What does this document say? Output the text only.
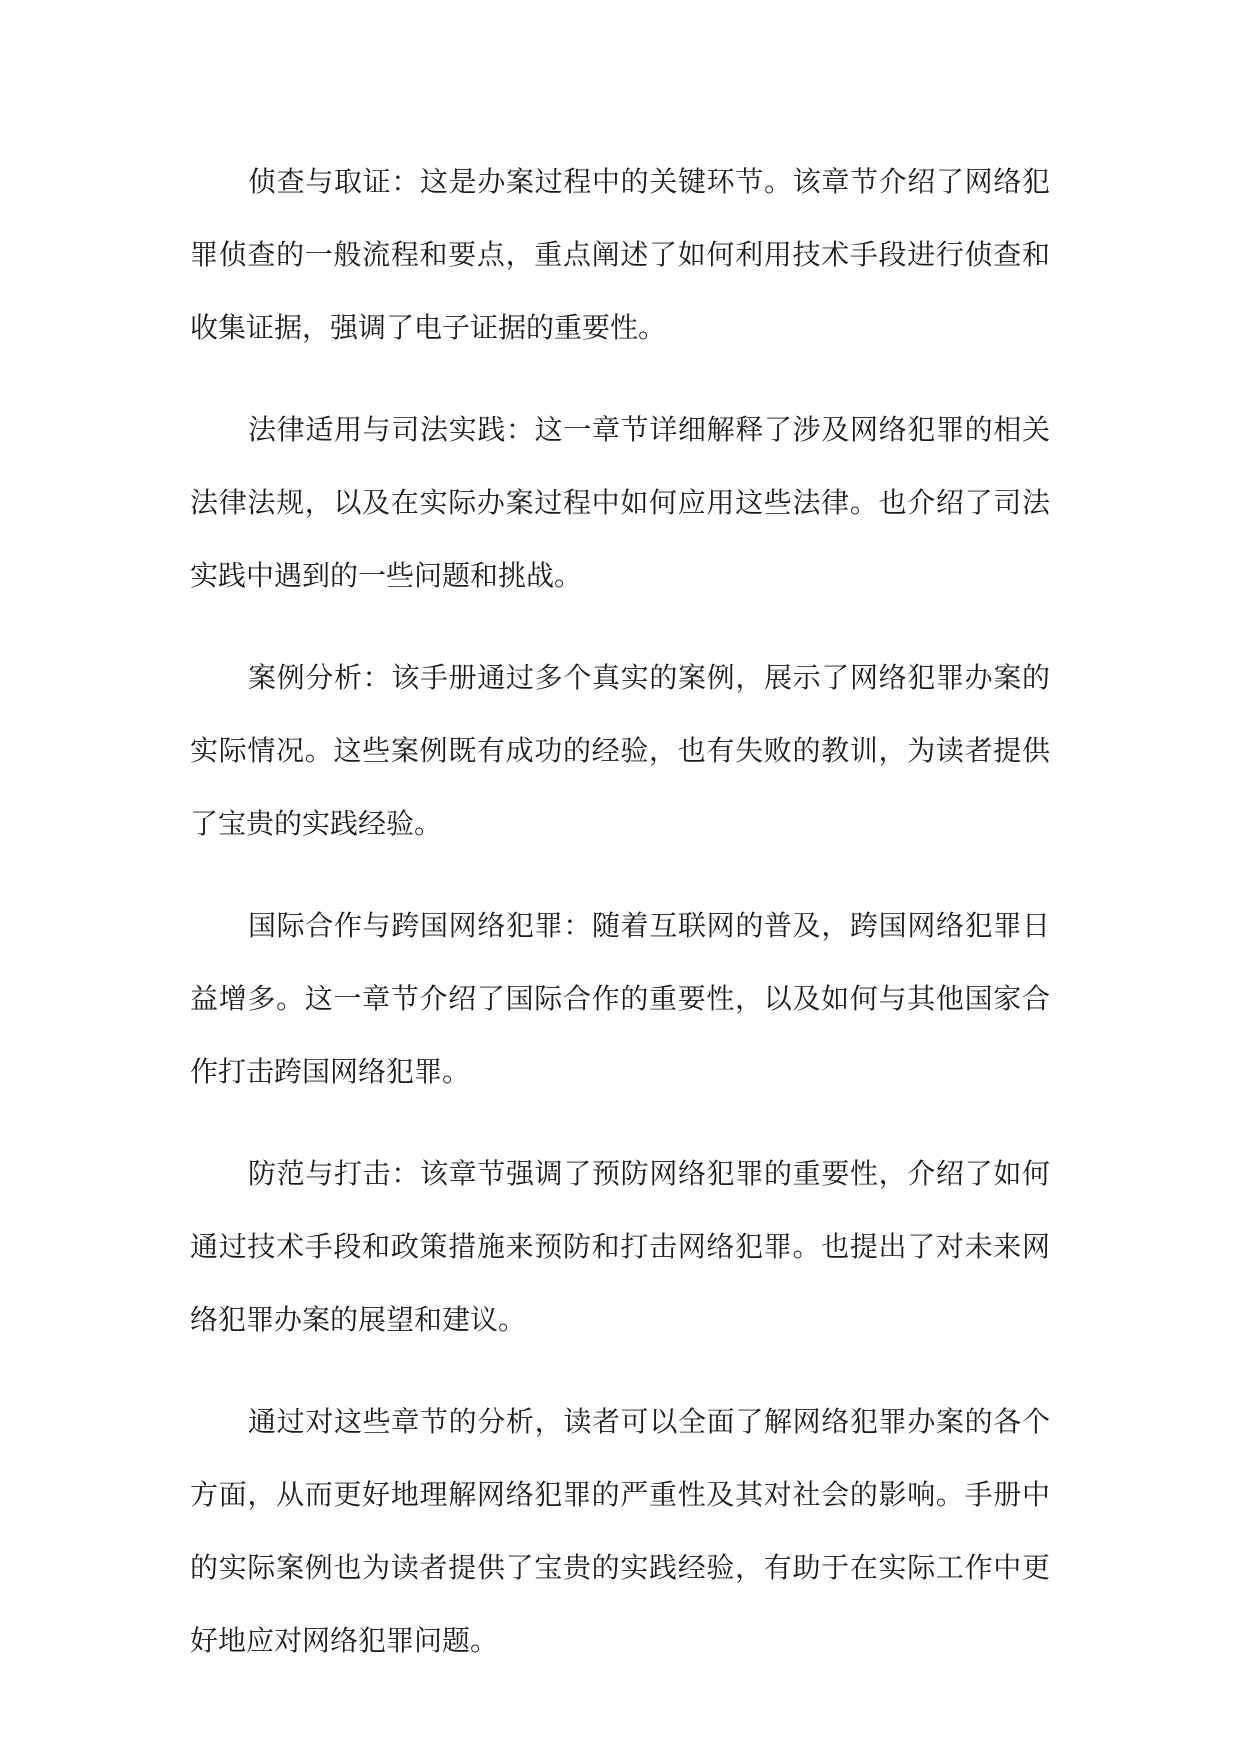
侦查与取证：这是办案过程中的关键环节。该章节介绍了网络犯罪侦查的一般流程和要点，重点阐述了如何利用技术手段进行侦查和收集证据，强调了电子证据的重要性。

法律适用与司法实践：这一章节详细解释了涉及网络犯罪的相关法律法规，以及在实际办案过程中如何应用这些法律。也介绍了司法实践中遇到的一些问题和挑战。

案例分析：该手册通过多个真实的案例，展示了网络犯罪办案的实际情况。这些案例既有成功的经验，也有失败的教训，为读者提供了宝贵的实践经验。

国际合作与跨国网络犯罪：随着互联网的普及，跨国网络犯罪日益增多。这一章节介绍了国际合作的重要性，以及如何与其他国家合作打击跨国网络犯罪。

防范与打击：该章节强调了预防网络犯罪的重要性，介绍了如何通过技术手段和政策措施来预防和打击网络犯罪。也提出了对未来网络犯罪办案的展望和建议。

通过对这些章节的分析，读者可以全面了解网络犯罪办案的各个方面，从而更好地理解网络犯罪的严重性及其对社会的影响。手册中的实际案例也为读者提供了宝贵的实践经验，有助于在实际工作中更好地应对网络犯罪问题。
